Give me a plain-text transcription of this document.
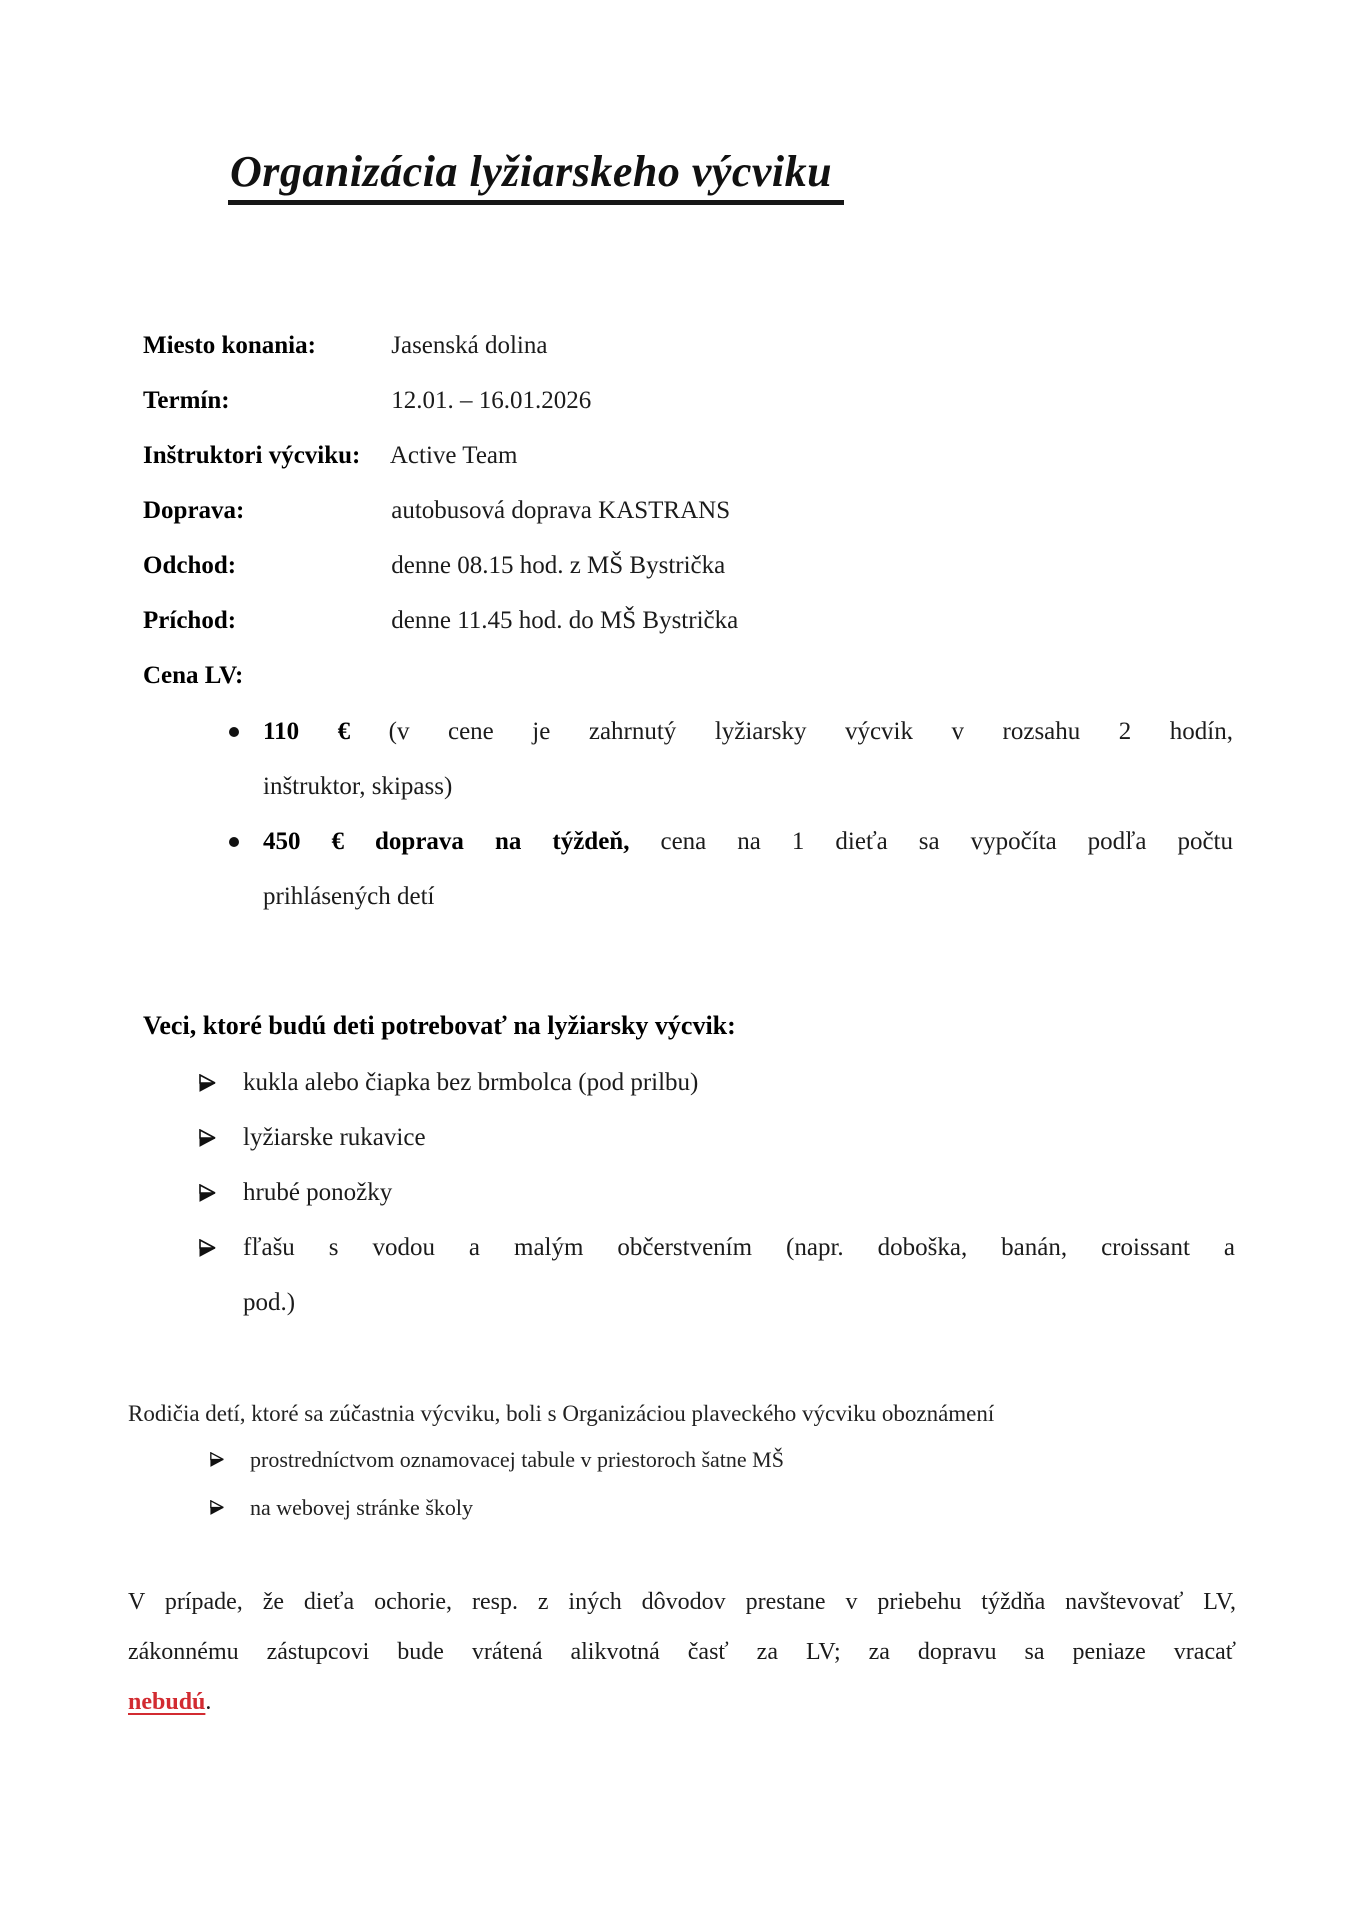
Organizácia lyžiarskeho výcviku
Miesto konania:	Jasenská dolina
Termín:	12.01. – 16.01.2026
Inštruktori výcviku: Active Team
Doprava:	autobusová doprava KASTRANS
Odchod:	denne 08.15 hod. z MŠ Bystrička
Príchod:	denne 11.45 hod. do MŠ Bystrička
Cena LV:
110 € (v cene je zahrnutý lyžiarsky výcvik v rozsahu 2 hodín,
inštruktor, skipass)
450 € doprava na týždeň, cena na 1 dieťa sa vypočíta podľa počtu
prihlásených detí
Veci, ktoré budú deti potrebovať na lyžiarsky výcvik:
kukla alebo čiapka bez brmbolca (pod prilbu)
lyžiarske rukavice
hrubé ponožky
fľašu s vodou a malým občerstvením (napr. doboška, banán, croissant a
pod.)
Rodičia detí, ktoré sa zúčastnia výcviku, boli s Organizáciou plaveckého výcviku oboznámení
prostredníctvom oznamovacej tabule v priestoroch šatne MŠ
na webovej stránke školy
V prípade, že dieťa ochorie, resp. z iných dôvodov prestane v priebehu týždňa navštevovať LV,
zákonnému zástupcovi bude vrátená alikvotná časť za LV; za dopravu sa peniaze vracať
nebudú.
